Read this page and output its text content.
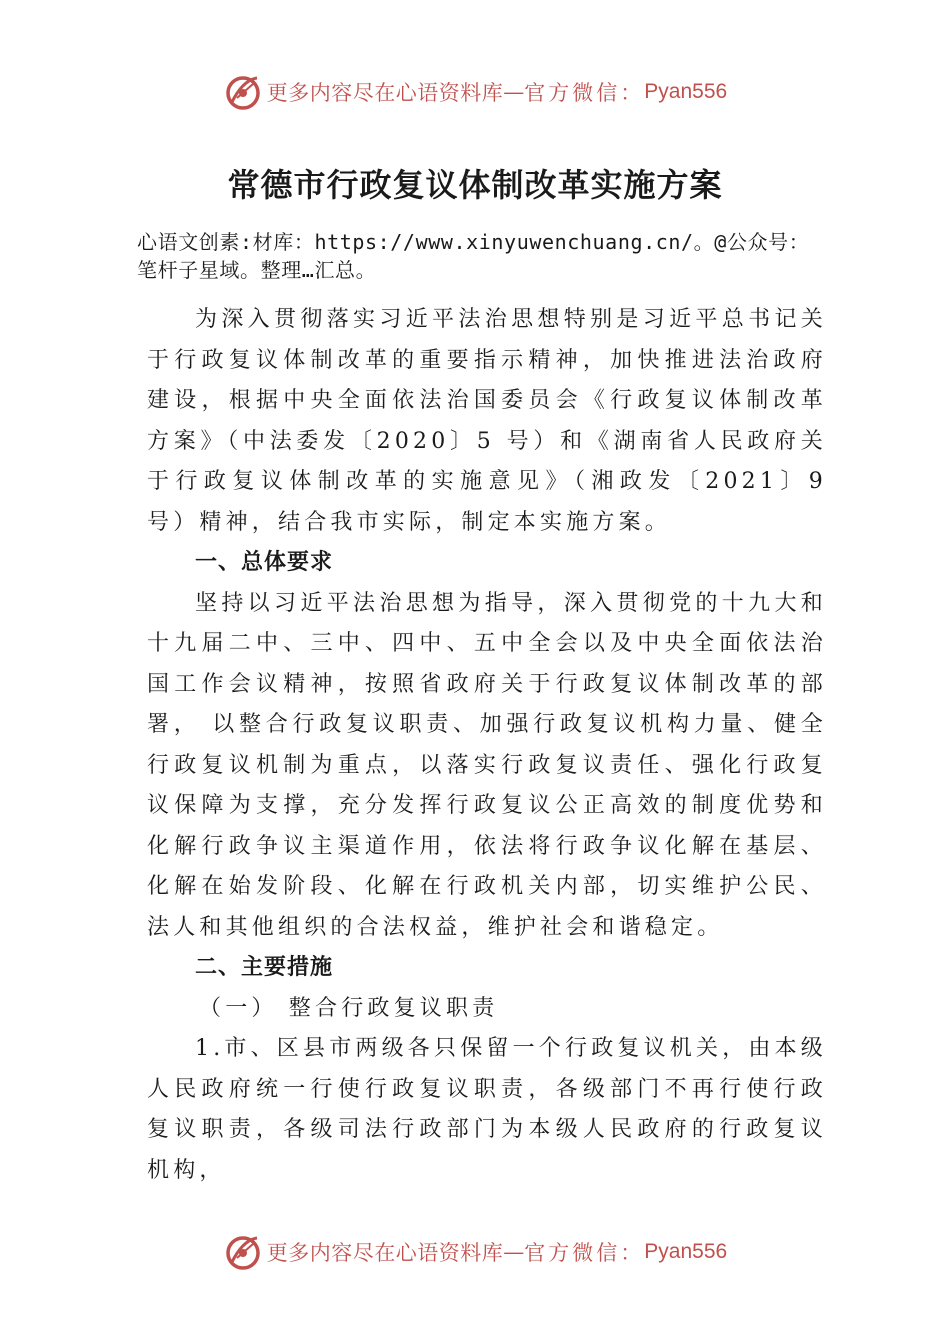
更多内容尽在心语资料库 — 官方微信： Pyan556
常德市行政复议体制改革实施方案
心语文创素:材库：https://www.xinyuwenchuang.cn/。@公众号：笔杆子星域。整理…汇总。

为深入贯彻落实习近平法治思想特别是习近平总书记关于行政复议体制改革的重要指示精神，加快推进法治政府建设，根据中央全面依法治国委员会《行政复议体制改革方案》（中法委发〔2020〕5 号）和《湖南省人民政府关于行政复议体制改革的实施意见》（湘政发〔2021〕9 号）精神，结合我市实际，制定本实施方案。

一、总体要求

坚持以习近平法治思想为指导，深入贯彻党的十九大和十九届二中、三中、四中、五中全会以及中央全面依法治国工作会议精神，按照省政府关于行政复议体制改革的部署， 以整合行政复议职责、加强行政复议机构力量、健全行政复议机制为重点，以落实行政复议责任、强化行政复议保障为支撑，充分发挥行政复议公正高效的制度优势和化解行政争议主渠道作用，依法将行政争议化解在基层、化解在始发阶段、化解在行政机关内部，切实维护公民、法人和其他组织的合法权益，维护社会和谐稳定。

二、主要措施

（一） 整合行政复议职责

1.市、区县市两级各只保留一个行政复议机关，由本级人民政府统一行使行政复议职责，各级部门不再行使行政复议职责，各级司法行政部门为本级人民政府的行政复议机构，

更多内容尽在心语资料库 — 官方微信： Pyan556
